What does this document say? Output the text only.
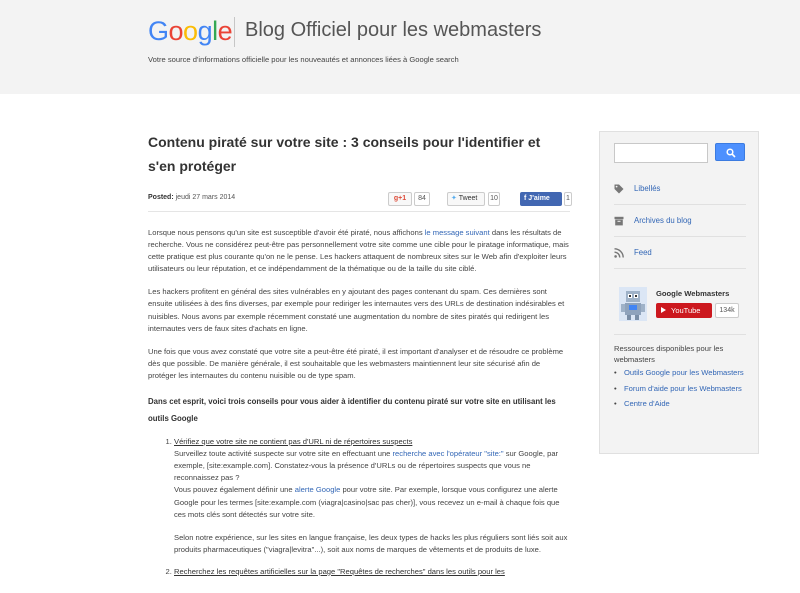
Google Blog Officiel pour les webmasters
Votre source d'informations officielle pour les nouveautés et annonces liées à Google search
Contenu piraté sur votre site : 3 conseils pour l'identifier et s'en protéger
Posted: jeudi 27 mars 2014	g+1	84	✦ Tweet	10	f J'aime	1

Lorsque nous pensons qu'un site est susceptible d'avoir été piraté, nous affichons le message suivant dans les résultats de recherche. Vous ne considérez peut-être pas personnellement votre site comme une cible pour le piratage informatique, mais cette pratique est plus courante qu'on ne le pense. Les hackers attaquent de nombreux sites sur le Web afin d'exploiter leurs utilisateurs ou leur réputation, et ce indépendamment de la thématique ou de la taille du site ciblé.

Les hackers profitent en général des sites vulnérables en y ajoutant des pages contenant du spam. Ces dernières sont ensuite utilisées à des fins diverses, par exemple pour rediriger les internautes vers des URLs de destination indésirables et nuisibles. Nous avons par exemple récemment constaté une augmentation du nombre de sites piratés qui redirigent les internautes vers de faux sites d'achats en ligne.

Une fois que vous avez constaté que votre site a peut-être été piraté, il est important d'analyser et de résoudre ce problème dès que possible. De manière générale, il est souhaitable que les webmasters maintiennent leur site sécurisé afin de protéger les internautes du contenu nuisible ou de type spam.

Dans cet esprit, voici trois conseils pour vous aider à identifier du contenu piraté sur votre site en utilisant les outils Google
1. Vérifiez que votre site ne contient pas d'URL ni de répertoires suspects
Surveillez toute activité suspecte sur votre site en effectuant une recherche avec l'opérateur "site:" sur Google, par exemple, [site:example.com]. Constatez-vous la présence d'URLs ou de répertoires suspects que vous ne reconnaissez pas ?
Vous pouvez également définir une alerte Google pour votre site. Par exemple, lorsque vous configurez une alerte Google pour les termes [site:example.com (viagra|casino|sac pas cher)], vous recevez un e-mail à chaque fois que ces mots clés sont détectés sur votre site.
Selon notre expérience, sur les sites en langue française, les deux types de hacks les plus réguliers sont liés soit aux produits pharmaceutiques ("viagra|levitra"...), soit aux noms de marques de vêtements et de produits de luxe.
2. Recherchez les requêtes artificielles sur la page "Requêtes de recherches" dans les outils pour les
Libellés
Archives du blog
Feed
Google Webmasters
YouTube	134k
Ressources disponibles pour les webmasters
• Outils Google pour les Webmasters
• Forum d'aide pour les Webmasters
• Centre d'Aide
